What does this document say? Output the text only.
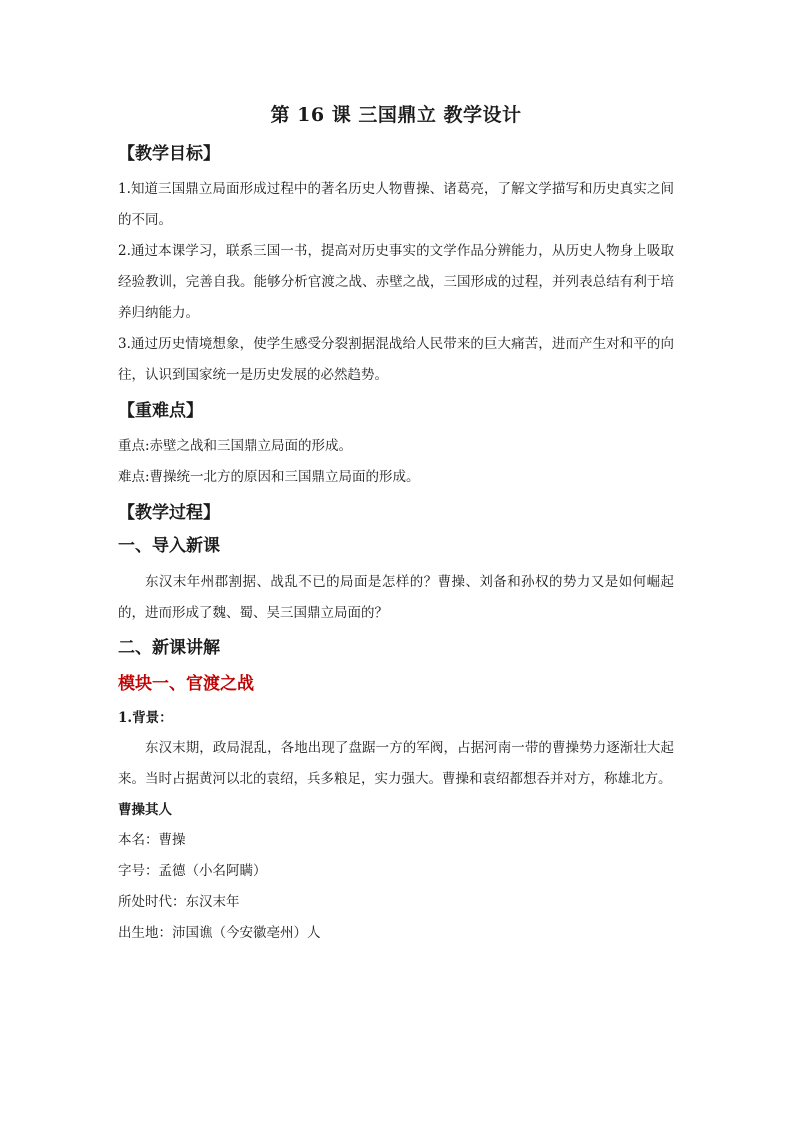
第 16 课 三国鼎立 教学设计
【教学目标】

1.知道三国鼎立局面形成过程中的著名历史人物曹操、诸葛亮，了解文学描写和历史真实之间的不同。

2.通过本课学习，联系三国一书，提高对历史事实的文学作品分辨能力，从历史人物身上吸取经验教训，完善自我。能够分析官渡之战、赤壁之战，三国形成的过程，并列表总结有利于培养归纳能力。

3.通过历史情境想象，使学生感受分裂割据混战给人民带来的巨大痛苦，进而产生对和平的向往，认识到国家统一是历史发展的必然趋势。

【重难点】

重点:赤壁之战和三国鼎立局面的形成。

难点:曹操统一北方的原因和三国鼎立局面的形成。

【教学过程】
一、导入新课

东汉末年州郡割据、战乱不已的局面是怎样的？曹操、刘备和孙权的势力又是如何崛起的，进而形成了魏、蜀、吴三国鼎立局面的？

二、新课讲解
模块一、官渡之战

1.背景：

东汉末期，政局混乱，各地出现了盘踞一方的军阀，占据河南一带的曹操势力逐渐壮大起来。当时占据黄河以北的袁绍，兵多粮足，实力强大。曹操和袁绍都想吞并对方，称雄北方。

曹操其人

本名：曹操

字号：孟德（小名阿瞒）

所处时代：东汉末年

出生地：沛国谯（今安徽亳州）人
